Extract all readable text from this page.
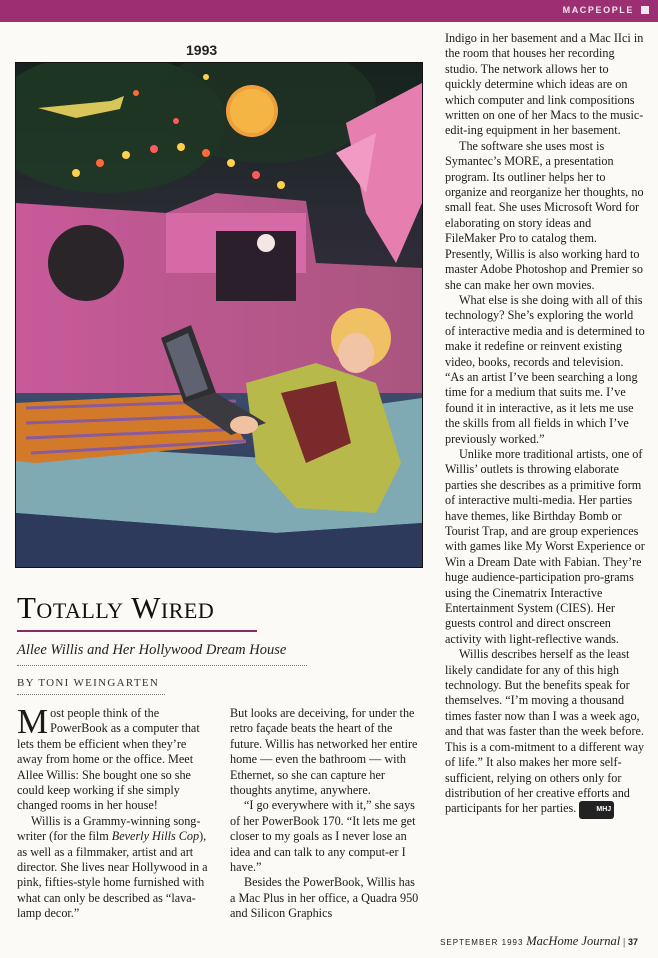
MACPEOPLE
1993
Totally Wired
Allee Willis and Her Hollywood Dream House
BY TONI WEINGARTEN

Most people think of the PowerBook as a computer that lets them be efficient when they’re away from home or the office. Meet Allee Willis: She bought one so she could keep working if she simply changed rooms in her house!

Willis is a Grammy-winning song-writer (for the film Beverly Hills Cop), as well as a filmmaker, artist and art director. She lives near Hollywood in a pink, fifties-style home furnished with what can only be described as “lava-lamp decor.”

But looks are deceiving, for under the retro façade beats the heart of the future. Willis has networked her entire home — even the bathroom — with Ethernet, so she can capture her thoughts anytime, anywhere.

“I go everywhere with it,” she says of her PowerBook 170. “It lets me get closer to my goals as I never lose an idea and can talk to any comput-er I have.”

Besides the PowerBook, Willis has a Mac Plus in her office, a Quadra 950 and Silicon Graphics

Indigo in her basement and a Mac IIci in the room that houses her recording studio. The network allows her to quickly determine which ideas are on which computer and link compositions written on one of her Macs to the music-edit-ing equipment in her basement.

The software she uses most is Symantec’s MORE, a presentation program. Its outliner helps her to organize and reorganize her thoughts, no small feat. She uses Microsoft Word for elaborating on story ideas and FileMaker Pro to catalog them. Presently, Willis is also working hard to master Adobe Photoshop and Premier so she can make her own movies.

What else is she doing with all of this technology? She’s exploring the world of interactive media and is determined to make it redefine or reinvent existing video, books, records and television. “As an artist I’ve been searching a long time for a medium that suits me. I’ve found it in interactive, as it lets me use the skills from all fields in which I’ve previously worked.”

Unlike more traditional artists, one of Willis’ outlets is throwing elaborate parties she describes as a primitive form of interactive multi-media. Her parties have themes, like Birthday Bomb or Tourist Trap, and are group experiences with games like My Worst Experience or Win a Dream Date with Fabian. They’re huge audience-participation pro-grams using the Cinematrix Interactive Entertainment System (CIES). Her guests control and direct onscreen activity with light-reflective wands.

Willis describes herself as the least likely candidate for any of this high technology. But the benefits speak for themselves. “I’m moving a thousand times faster now than I was a week ago, and that was faster than the week before. This is a com-mitment to a different way of life.” It also makes her more self-sufficient, relying on others only for distribution of her creative efforts and participants for her parties.	MHJ

SEPTEMBER 1993 MacHome Journal | 37
